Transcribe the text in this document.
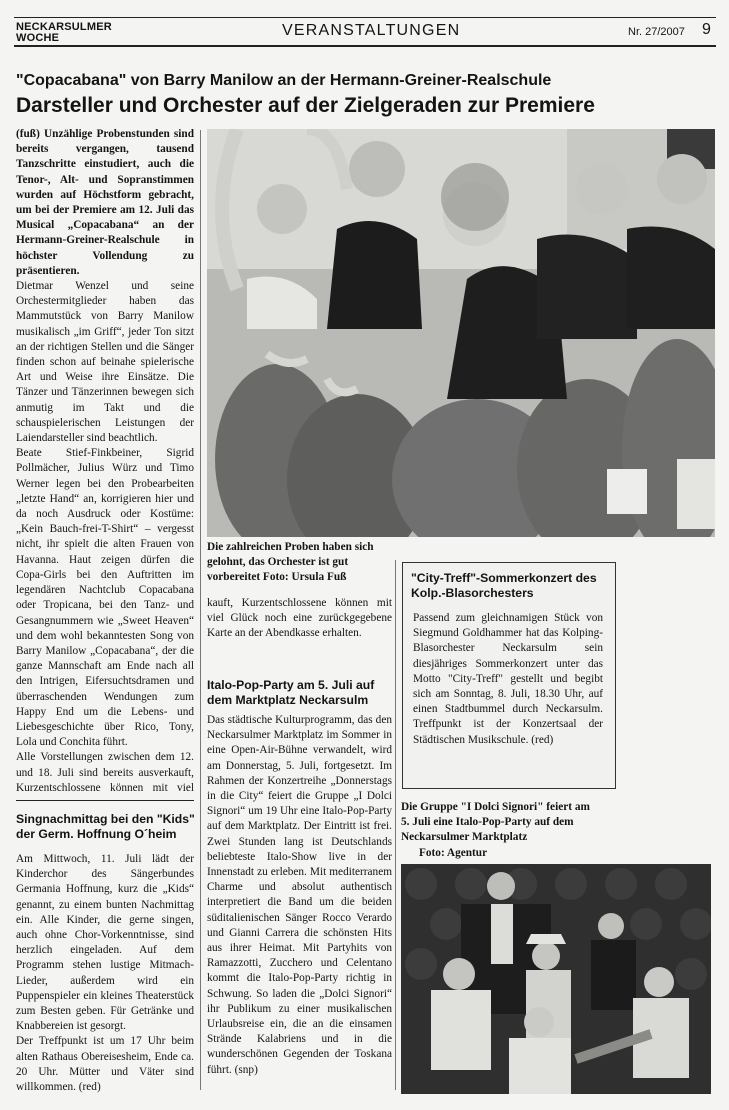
NECKARSULMER
WOCHE	VERANSTALTUNGEN	Nr. 27/2007 9
"Copacabana" von Barry Manilow an der Hermann-Greiner-Realschule
Darsteller und Orchester auf der Zielgeraden zur Premiere

(fuß) Unzählige Probenstunden sind bereits vergangen, tausend Tanzschritte einstudiert, auch die Tenor-, Alt- und Sopranstimmen wurden auf Höchstform gebracht, um bei der Premiere am 12. Juli das Musical „Copacabana“ an der Hermann-Greiner-Realschule in höchster Vollendung zu präsentieren.

Dietmar Wenzel und seine Orchestermitglieder haben das Mammutstück von Barry Manilow musikalisch „im Griff“, jeder Ton sitzt an der richtigen Stellen und die Sänger finden schon auf beinahe spielerische Art und Weise ihre Einsätze. Die Tänzer und Tänzerinnen bewegen sich anmutig im Takt und die schauspielerischen Leistungen der Laiendarsteller sind beachtlich.

Beate Stief-Finkbeiner, Sigrid Pollmächer, Julius Würz und Timo Werner legen bei den Probearbeiten „letzte Hand“ an, korrigieren hier und da noch Ausdruck oder Kostüme: „Kein Bauch-frei-T-Shirt“ – vergesst nicht, ihr spielt die alten Frauen von Havanna. Haut zeigen dürfen die Copa-Girls bei den Auftritten im legendären Nachtclub Copacabana oder Tropicana, bei den Tanz- und Gesangnummern wie „Sweet Heaven“ und dem wohl bekanntesten Song von Barry Manilow „Copacabana“, der die ganze Mannschaft am Ende nach all den Intrigen, Eifersuchtsdramen und überraschenden Wendungen zum Happy End um die Lebens- und Liebesgeschichte über Rico, Tony, Lola und Conchita führt.

Alle Vorstellungen zwischen dem 12. und 18. Juli sind bereits ausverkauft, Kurzentschlossene können mit viel

Singnachmittag bei den "Kids" der Germ. Hoffnung O´heim

Am Mittwoch, 11. Juli lädt der Kinderchor des Sängerbundes Germania Hoffnung, kurz die „Kids“ genannt, zu einem bunten Nachmittag ein. Alle Kinder, die gerne singen, auch ohne Chor-Vorkenntnisse, sind herzlich eingeladen. Auf dem Programm stehen lustige Mitmach-Lieder, außerdem wird ein Puppenspieler ein kleines Theaterstück zum Besten geben. Für Getränke und Knabbereien ist gesorgt.

Der Treffpunkt ist um 17 Uhr beim alten Rathaus Obereisesheim, Ende ca. 20 Uhr. Mütter und Väter sind willkommen. (red)

Die zahlreichen Proben haben sich gelohnt, das Orchester ist gut vorbereitet Foto: Ursula Fuß

kauft, Kurzentschlossene können mit viel Glück noch eine zurückgegebene Karte an der Abendkasse erhalten.

Italo-Pop-Party am 5. Juli auf dem Marktplatz Neckarsulm

Das städtische Kulturprogramm, das den Neckarsulmer Marktplatz im Sommer in eine Open-Air-Bühne verwandelt, wird am Donnerstag, 5. Juli, fortgesetzt. Im Rahmen der Konzertreihe „Donnerstags in die City“ feiert die Gruppe „I Dolci Signori“ um 19 Uhr eine Italo-Pop-Party auf dem Marktplatz. Der Eintritt ist frei. Zwei Stunden lang ist Deutschlands beliebteste Italo-Show live in der Innenstadt zu erleben. Mit mediterranem Charme und absolut authentisch interpretiert die Band um die beiden süditalienischen Sänger Rocco Verardo und Gianni Carrera die schönsten Hits aus ihrer Heimat. Mit Partyhits von Ramazzotti, Zucchero und Celentano kommt die Italo-Pop-Party richtig in Schwung. So laden die „Dolci Signori“ ihr Publikum zu einer musikalischen Urlaubsreise ein, die an die einsamen Strände Kalabriens und in die wunderschönen Gegenden der Toskana führt. (snp)

"City-Treff"-Sommerkonzert des Kolp.-Blasorchesters
Passend zum gleichnamigen Stück von Siegmund Goldhammer hat das Kolping-Blasorchester Neckarsulm sein diesjähriges Sommerkonzert unter das Motto "City-Treff" gestellt und begibt sich am Sonntag, 8. Juli, 18.30 Uhr, auf einen Stadtbummel durch Neckarsulm. Treffpunkt ist der Konzertsaal der Städtischen Musikschule. (red)
Die Gruppe "I Dolci Signori" feiert am 5. Juli eine Italo-Pop-Party auf dem Neckarsulmer Marktplatz Foto: Agentur
